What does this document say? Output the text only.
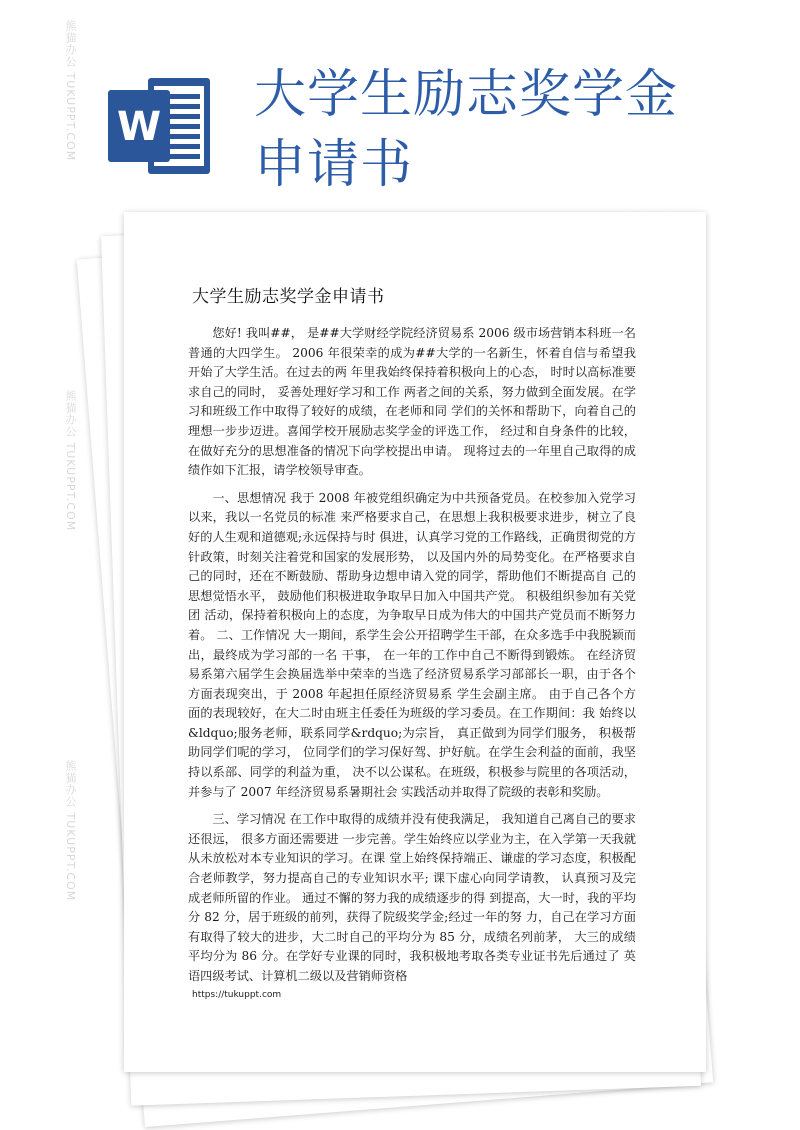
W
大学生励志奖学金申请书
熊猫办公 TUKUPPT.COM
熊猫办公 TUKUPPT.COM
熊猫办公 TUKUPPT.COM
大学生励志奖学金申请书

您好! 我叫##， 是##大学财经学院经济贸易系 2006 级市场营销本科班一名普通的大四学生。 2006 年很荣幸的成为##大学的一名新生，怀着自信与希望我开始了大学生活。在过去的两 年里我始终保持着积极向上的心态， 时时以高标准要求自己的同时， 妥善处理好学习和工作 两者之间的关系，努力做到全面发展。在学习和班级工作中取得了较好的成绩，在老师和同 学们的关怀和帮助下，向着自己的理想一步步迈进。喜闻学校开展励志奖学金的评选工作， 经过和自身条件的比较， 在做好充分的思想准备的情况下向学校提出申请。 现将过去的一年里自己取得的成绩作如下汇报，请学校领导审查。

一、思想情况 我于 2008 年被党组织确定为中共预备党员。在校参加入党学习以来，我以一名党员的标准 来严格要求自己，在思想上我积极要求进步，树立了良好的人生观和道德观;永远保持与时 俱进，认真学习党的工作路线，正确贯彻党的方针政策，时刻关注着党和国家的发展形势， 以及国内外的局势变化。在严格要求自己的同时，还在不断鼓励、帮助身边想申请入党的同学，帮助他们不断提高自 己的思想觉悟水平， 鼓励他们积极进取争取早日加入中国共产党。 积极组织参加有关党团 活动，保持着积极向上的态度，为争取早日成为伟大的中国共产党员而不断努力着。 二、工作情况 大一期间，系学生会公开招聘学生干部，在众多选手中我脱颖而出，最终成为学习部的一名 干事， 在一年的工作中自己不断得到锻炼。 在经济贸易系第六届学生会换届选举中荣幸的当选了经济贸易系学习部部长一职，由于各个方面表现突出，于 2008 年起担任原经济贸易系 学生会副主席。 由于自己各个方面的表现较好，在大二时由班主任委任为班级的学习委员。在工作期间：我 始终以 &ldquo;服务老师，联系同学&rdquo;为宗旨， 真正做到为同学们服务， 积极帮助同学们呢的学习， 位同学们的学习保好驾、护好航。在学生会利益的面前，我坚持以系部、同学的利益为重， 决不以公谋私。在班级，积极参与院里的各项活动， 并参与了 2007 年经济贸易系暑期社会 实践活动并取得了院级的表彰和奖励。

三、学习情况 在工作中取得的成绩并没有使我满足， 我知道自己离自己的要求还很远， 很多方面还需要进 一步完善。学生始终应以学业为主，在入学第一天我就从未放松对本专业知识的学习。在课 堂上始终保持端正、谦虚的学习态度，积极配合老师教学，努力提高自己的专业知识水平; 课下虚心向同学请教， 认真预习及完成老师所留的作业。 通过不懈的努力我的成绩逐步的得 到提高，大一时，我的平均分 82 分，居于班级的前列，获得了院级奖学金;经过一年的努 力，自己在学习方面有取得了较大的进步，大二时自己的平均分为 85 分，成绩名列前茅， 大三的成绩平均分为 86 分。在学好专业课的同时，我积极地考取各类专业证书先后通过了 英语四级考试、计算机二级以及营销师资格

https://tukuppt.com
